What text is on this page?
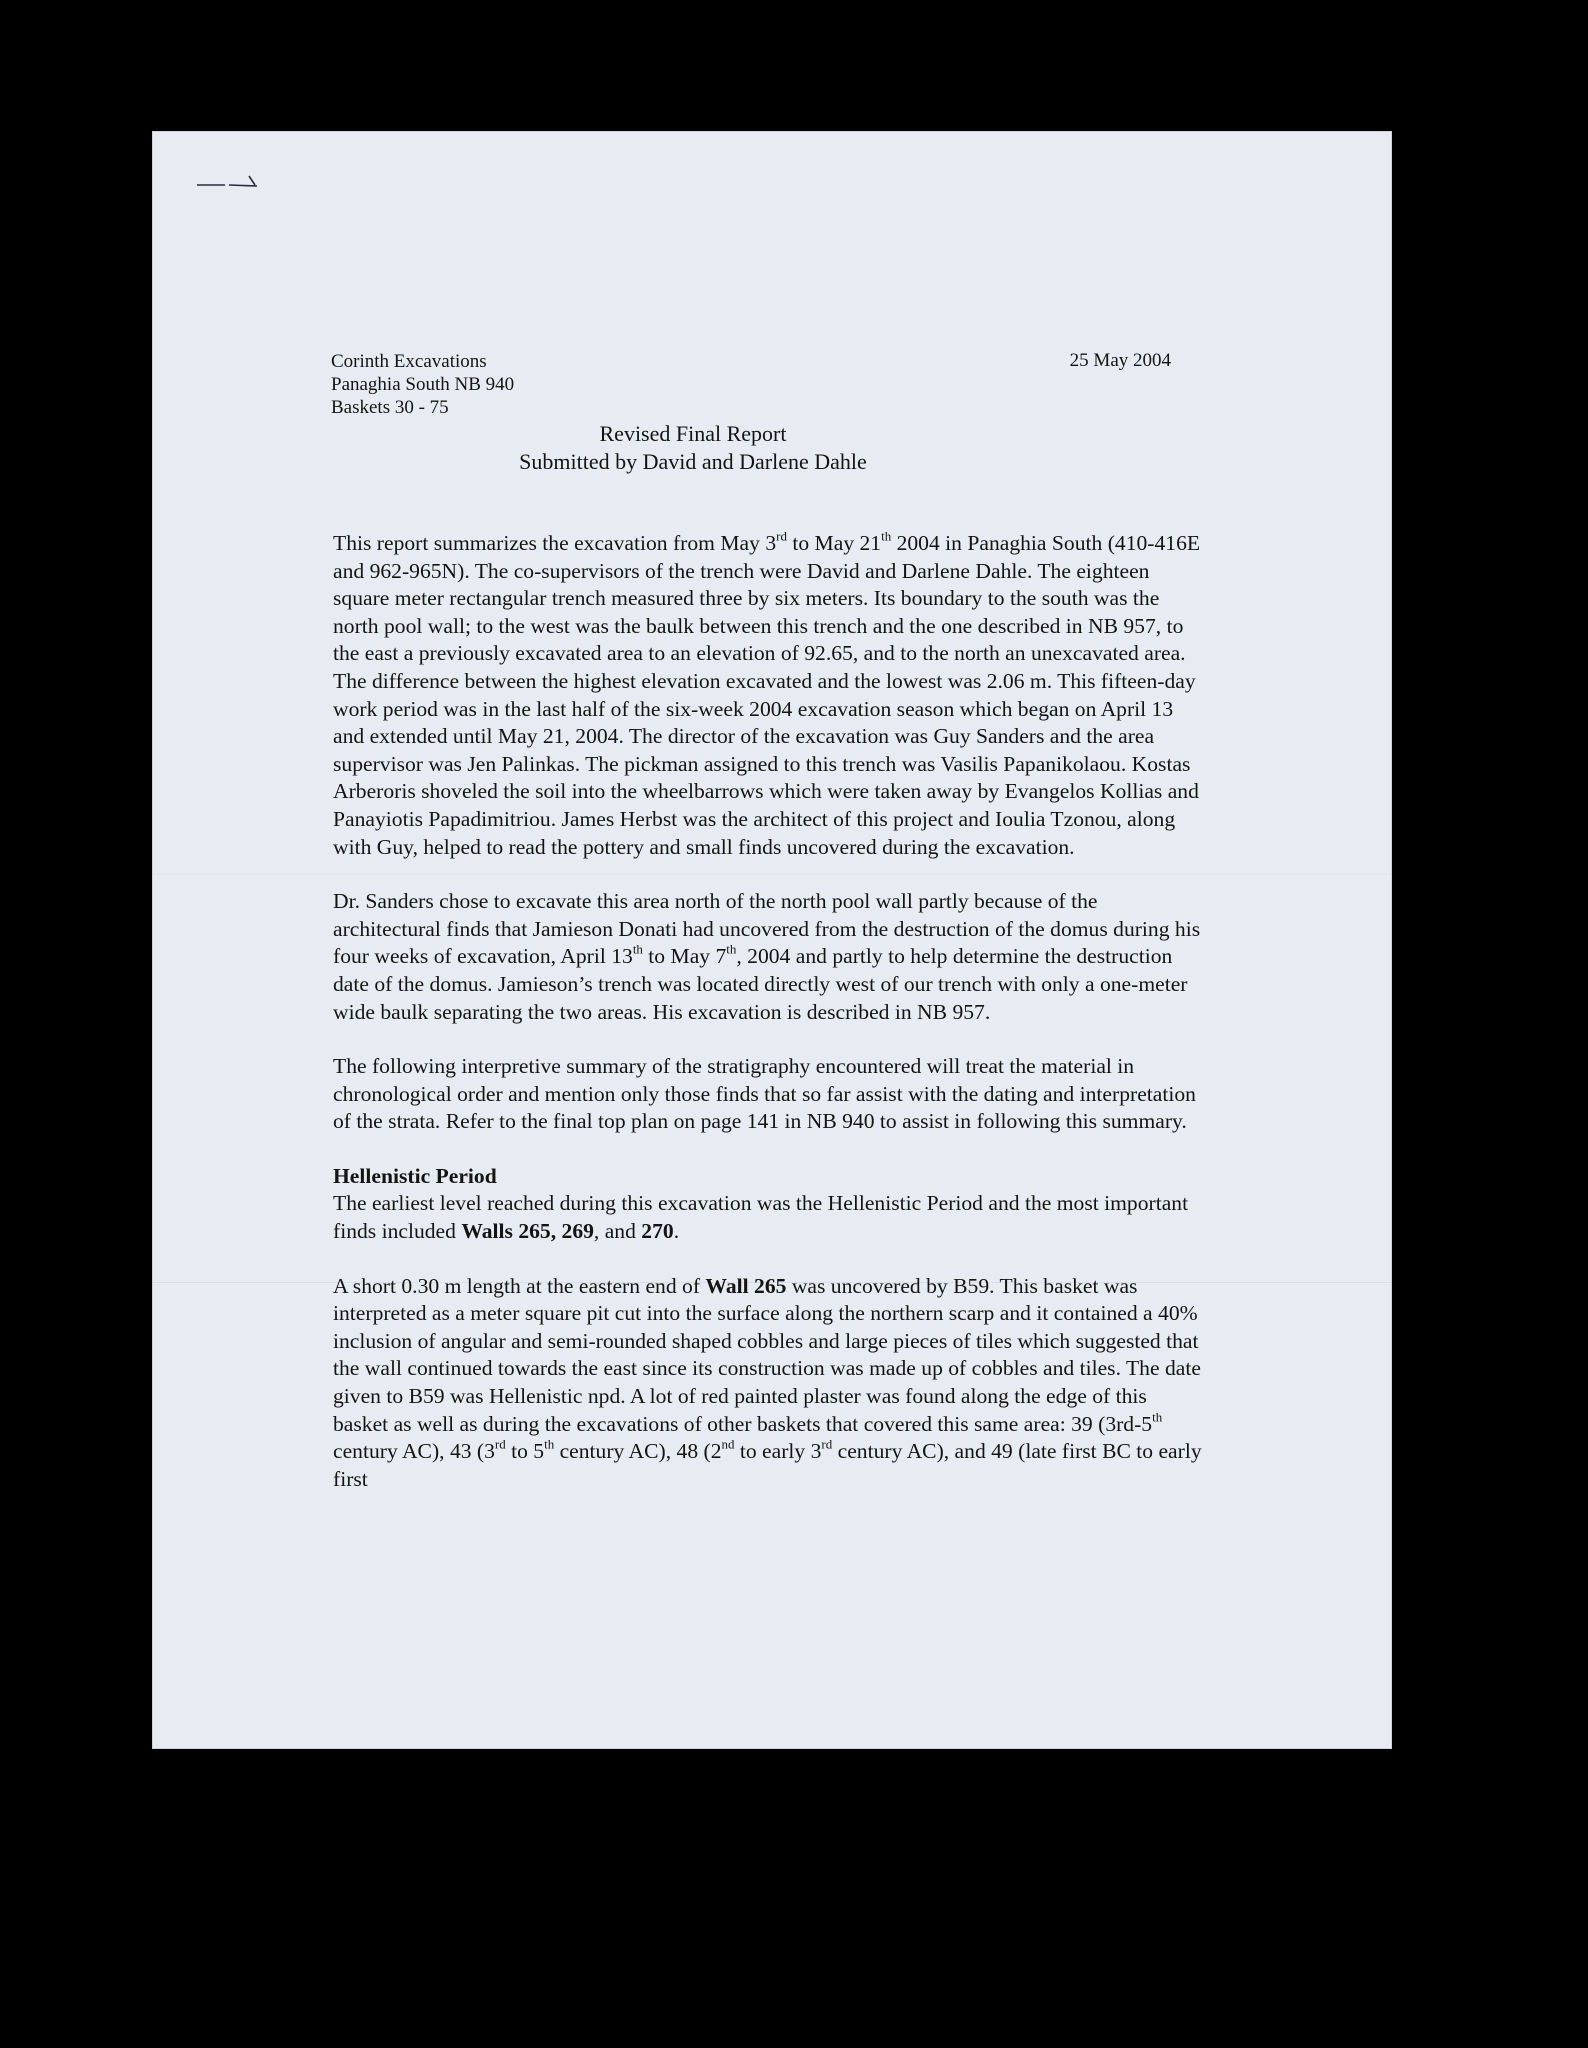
Corinth Excavations
Panaghia South NB 940
Baskets 30 - 75
25 May 2004
Revised Final Report
Submitted by David and Darlene Dahle

This report summarizes the excavation from May 3rd to May 21th 2004 in Panaghia South (410-416E and 962-965N). The co-supervisors of the trench were David and Darlene Dahle. The eighteen square meter rectangular trench measured three by six meters. Its boundary to the south was the north pool wall; to the west was the baulk between this trench and the one described in NB 957, to the east a previously excavated area to an elevation of 92.65, and to the north an unexcavated area. The difference between the highest elevation excavated and the lowest was 2.06 m. This fifteen-day work period was in the last half of the six-week 2004 excavation season which began on April 13 and extended until May 21, 2004. The director of the excavation was Guy Sanders and the area supervisor was Jen Palinkas. The pickman assigned to this trench was Vasilis Papanikolaou. Kostas Arberoris shoveled the soil into the wheelbarrows which were taken away by Evangelos Kollias and Panayiotis Papadimitriou. James Herbst was the architect of this project and Ioulia Tzonou, along with Guy, helped to read the pottery and small finds uncovered during the excavation.

Dr. Sanders chose to excavate this area north of the north pool wall partly because of the architectural finds that Jamieson Donati had uncovered from the destruction of the domus during his four weeks of excavation, April 13th to May 7th, 2004 and partly to help determine the destruction date of the domus. Jamieson’s trench was located directly west of our trench with only a one-meter wide baulk separating the two areas. His excavation is described in NB 957.

The following interpretive summary of the stratigraphy encountered will treat the material in chronological order and mention only those finds that so far assist with the dating and interpretation of the strata. Refer to the final top plan on page 141 in NB 940 to assist in following this summary.

Hellenistic Period
The earliest level reached during this excavation was the Hellenistic Period and the most important finds included Walls 265, 269, and 270.

A short 0.30 m length at the eastern end of Wall 265 was uncovered by B59. This basket was interpreted as a meter square pit cut into the surface along the northern scarp and it contained a 40% inclusion of angular and semi-rounded shaped cobbles and large pieces of tiles which suggested that the wall continued towards the east since its construction was made up of cobbles and tiles. The date given to B59 was Hellenistic npd. A lot of red painted plaster was found along the edge of this basket as well as during the excavations of other baskets that covered this same area: 39 (3rd-5th century AC), 43 (3rd to 5th century AC), 48 (2nd to early 3rd century AC), and 49 (late first BC to early first
